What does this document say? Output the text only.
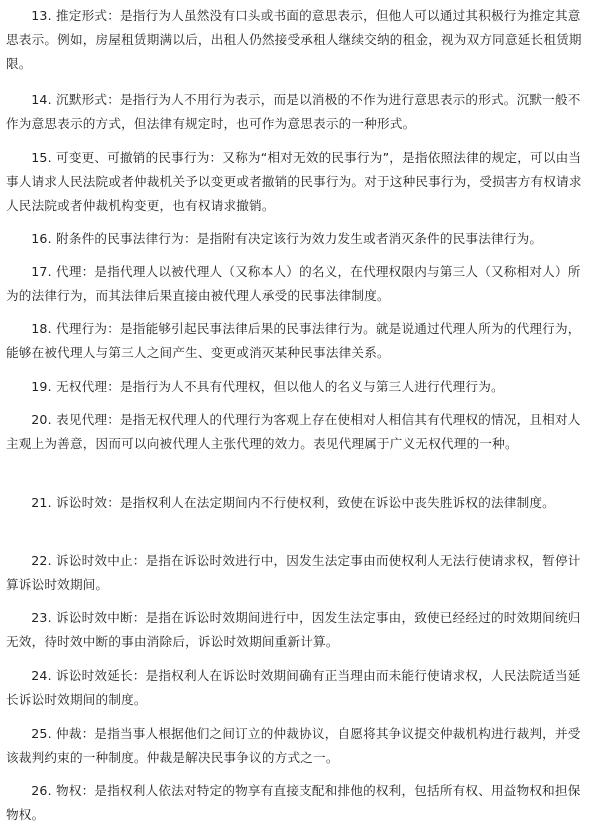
13. 推定形式：是指行为人虽然没有口头或书面的意思表示，但他人可以通过其积极行为推定其意思表示。例如，房屋租赁期满以后，出租人仍然接受承租人继续交纳的租金，视为双方同意延长租赁期限。

14. 沉默形式：是指行为人不用行为表示，而是以消极的不作为进行意思表示的形式。沉默一般不作为意思表示的方式，但法律有规定时，也可作为意思表示的一种形式。

15. 可变更、可撤销的民事行为：又称为“相对无效的民事行为”，是指依照法律的规定，可以由当事人请求人民法院或者仲裁机关予以变更或者撤销的民事行为。对于这种民事行为，受损害方有权请求人民法院或者仲裁机构变更，也有权请求撤销。

16. 附条件的民事法律行为：是指附有决定该行为效力发生或者消灭条件的民事法律行为。

17. 代理：是指代理人以被代理人（又称本人）的名义，在代理权限内与第三人（又称相对人）所为的法律行为，而其法律后果直接由被代理人承受的民事法律制度。

18. 代理行为：是指能够引起民事法律后果的民事法律行为。就是说通过代理人所为的代理行为，能够在被代理人与第三人之间产生、变更或消灭某种民事法律关系。

19. 无权代理：是指行为人不具有代理权，但以他人的名义与第三人进行代理行为。

20. 表见代理：是指无权代理人的代理行为客观上存在使相对人相信其有代理权的情况，且相对人主观上为善意，因而可以向被代理人主张代理的效力。表见代理属于广义无权代理的一种。

21. 诉讼时效：是指权利人在法定期间内不行使权利，致使在诉讼中丧失胜诉权的法律制度。

22. 诉讼时效中止：是指在诉讼时效进行中，因发生法定事由而使权利人无法行使请求权，暂停计算诉讼时效期间。

23. 诉讼时效中断：是指在诉讼时效期间进行中，因发生法定事由，致使已经经过的时效期间统归无效，待时效中断的事由消除后，诉讼时效期间重新计算。

24. 诉讼时效延长：是指权利人在诉讼时效期间确有正当理由而未能行使请求权，人民法院适当延长诉讼时效期间的制度。

25. 仲裁：是指当事人根据他们之间订立的仲裁协议，自愿将其争议提交仲裁机构进行裁判，并受该裁判约束的一种制度。仲裁是解决民事争议的方式之一。

26. 物权：是指权利人依法对特定的物享有直接支配和排他的权利，包括所有权、用益物权和担保物权。
